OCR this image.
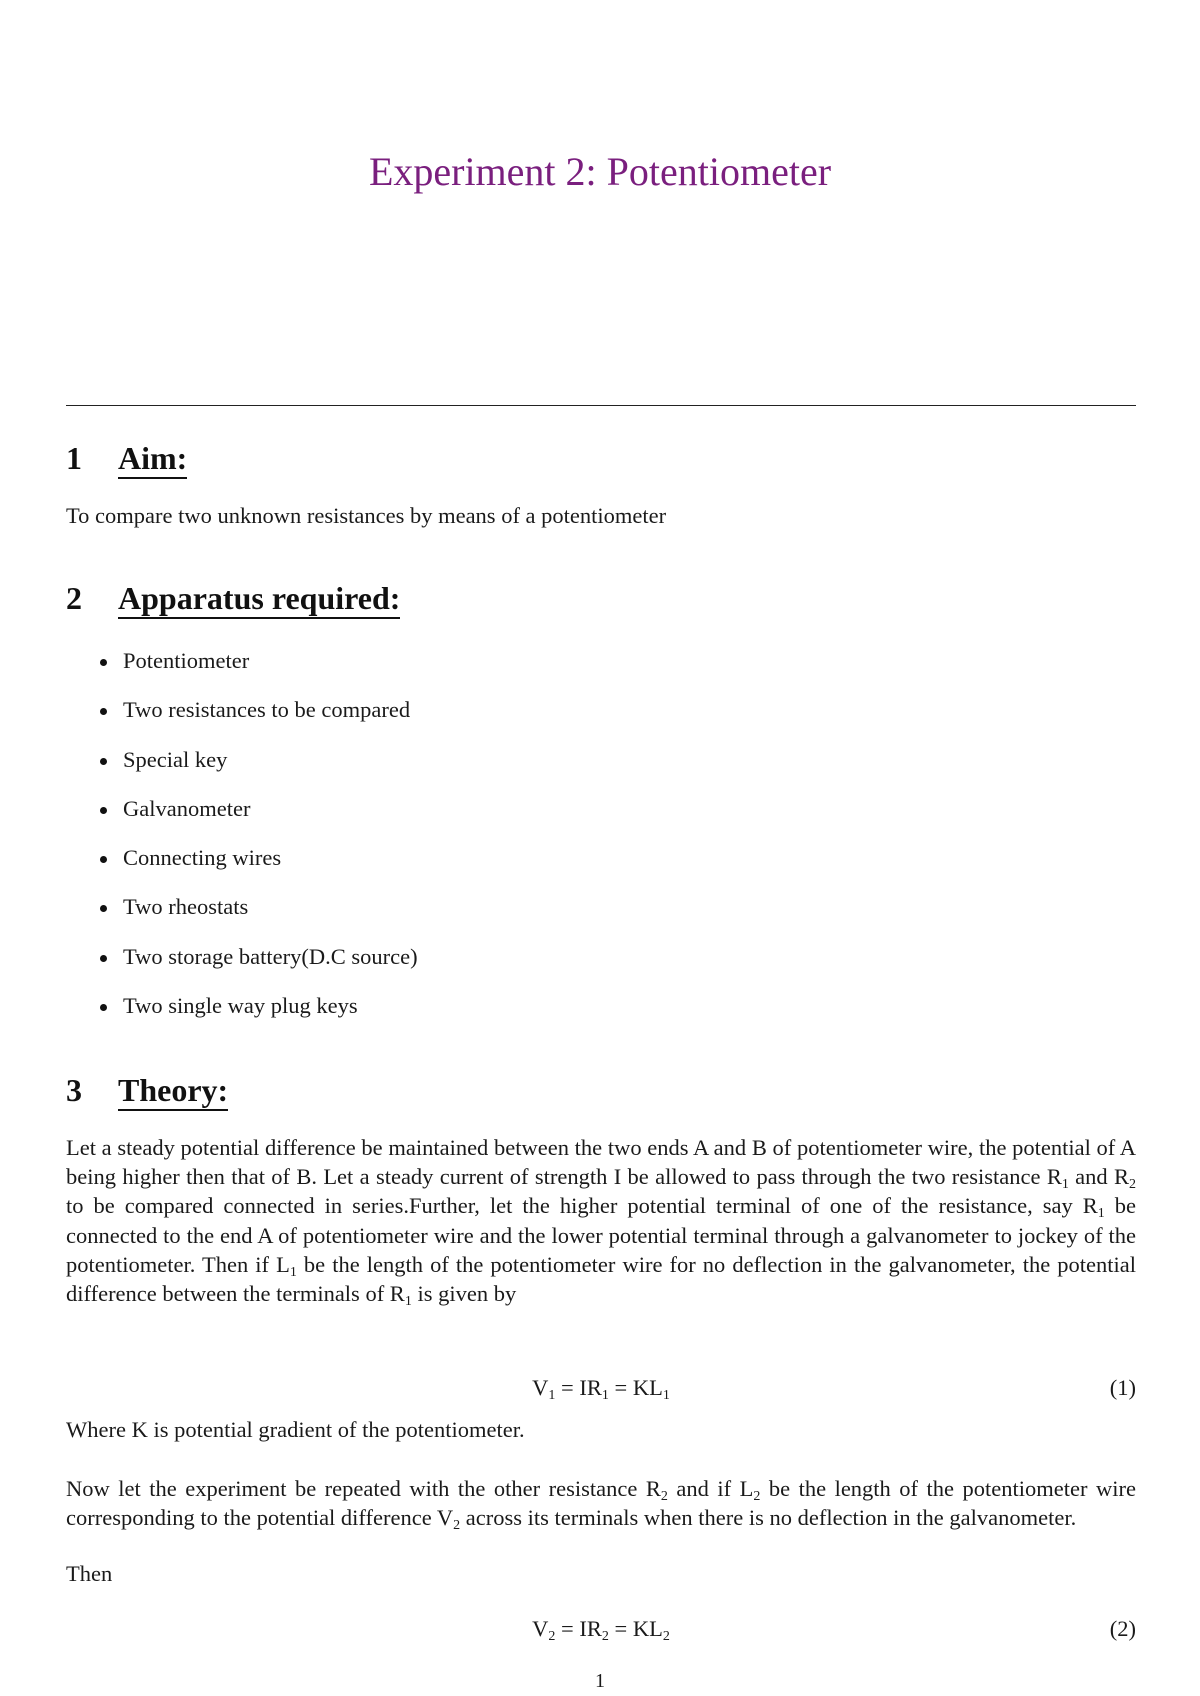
Experiment 2: Potentiometer
1	Aim:
To compare two unknown resistances by means of a potentiometer
2	Apparatus required:
Potentiometer
Two resistances to be compared
Special key
Galvanometer
Connecting wires
Two rheostats
Two storage battery(D.C source)
Two single way plug keys
3	Theory:
Let a steady potential difference be maintained between the two ends A and B of potentiometer wire, the potential of A being higher then that of B. Let a steady current of strength I be allowed to pass through the two resistance $R_1$ and $R_2$ to be compared connected in series.Further, let the higher potential terminal of one of the resistance, say $R_1$ be connected to the end A of potentiometer wire and the lower potential terminal through a galvanometer to jockey of the potentiometer. Then if $L_1$ be the length of the potentiometer wire for no deflection in the galvanometer, the potential difference between the terminals of $R_1$ is given by
$V_1 = IR_1 = KL_1$	(1)
Where K is potential gradient of the potentiometer.
Now let the experiment be repeated with the other resistance $R_2$ and if $L_2$ be the length of the potentiometer wire corresponding to the potential difference $V_2$ across its terminals when there is no deflection in the galvanometer.
Then
$V_2 = IR_2 = KL_2$	(2)
1
